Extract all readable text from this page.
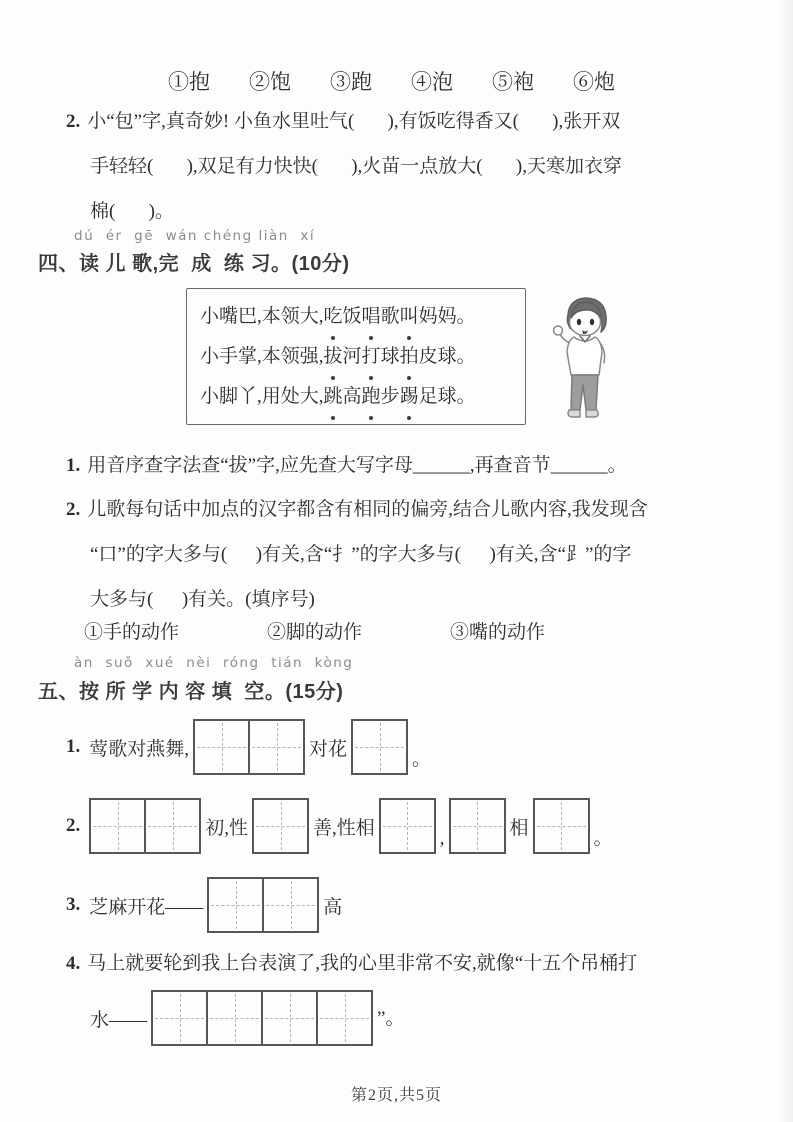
①抱 ②饱 ③跑 ④泡 ⑤袍 ⑥炮
2. 小“包”字,真奇妙! 小鱼水里吐气(       ),有饭吃得香又(       ),张开双
手轻轻(       ),双足有力快快(       ),火苗一点放大(       ),天寒加衣穿
棉(       )。
dú  ér  gē  wán chéng liàn  xí
四、读 儿 歌,完  成  练 习。(10分)
小嘴巴,本领大,吃饭唱歌叫妈妈。
小手掌,本领强,拔河打球拍皮球。
小脚丫,用处大,跳高跑步踢足球。
1. 用音序查字法查“拔”字,应先查大写字母______,再查音节______。
2. 儿歌每句话中加点的汉字都含有相同的偏旁,结合儿歌内容,我发现含
“口”的字大多与(      )有关,含“扌”的字大多与(      )有关,含“⻊”的字
大多与(      )有关。(填序号)
①手的动作	②脚的动作	③嘴的动作
àn  suǒ  xué  nèi  róng  tián  kòng
五、按 所 学 内 容 填  空。(15分)
1. 莺歌对燕舞,	对花	。
2.	初,性	善,性相	,	相	。
3. 芝麻开花——	高
4. 马上就要轮到我上台表演了,我的心里非常不安,就像“十五个吊桶打
水——	”。
第2页,共5页
